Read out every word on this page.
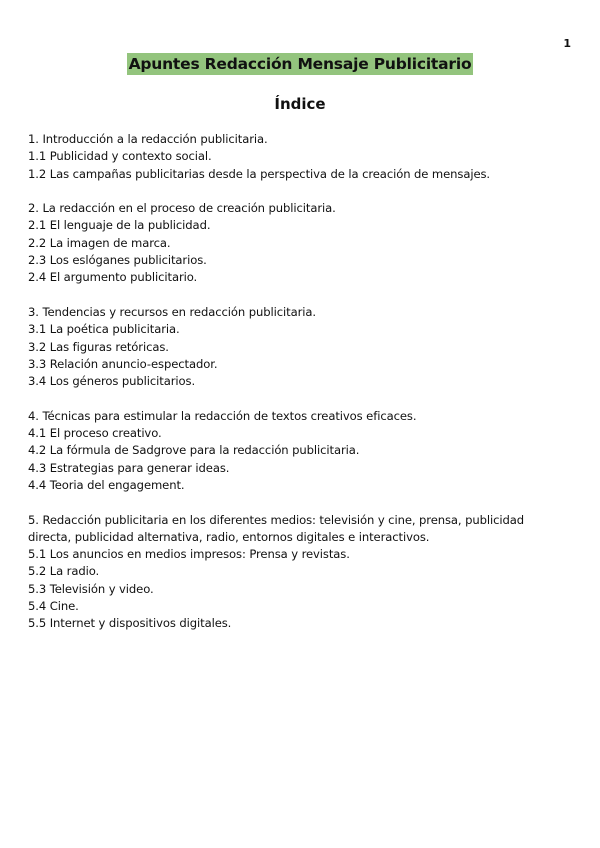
1
Apuntes Redacción Mensaje Publicitario
Índice
1. Introducción a la redacción publicitaria.
1.1 Publicidad y contexto social.
1.2 Las campañas publicitarias desde la perspectiva de la creación de mensajes.
2. La redacción en el proceso de creación publicitaria.
2.1 El lenguaje de la publicidad.
2.2 La imagen de marca.
2.3 Los eslóganes publicitarios.
2.4 El argumento publicitario.
3. Tendencias y recursos en redacción publicitaria.
3.1 La poética publicitaria.
3.2 Las figuras retóricas.
3.3 Relación anuncio-espectador.
3.4 Los géneros publicitarios.
4. Técnicas para estimular la redacción de textos creativos eficaces.
4.1 El proceso creativo.
4.2 La fórmula de Sadgrove para la redacción publicitaria.
4.3 Estrategias para generar ideas.
4.4 Teoria del engagement.
5. Redacción publicitaria en los diferentes medios: televisión y cine, prensa, publicidad directa, publicidad alternativa, radio, entornos digitales e interactivos.
5.1 Los anuncios en medios impresos: Prensa y revistas.
5.2 La radio.
5.3 Televisión y video.
5.4 Cine.
5.5 Internet y dispositivos digitales.
